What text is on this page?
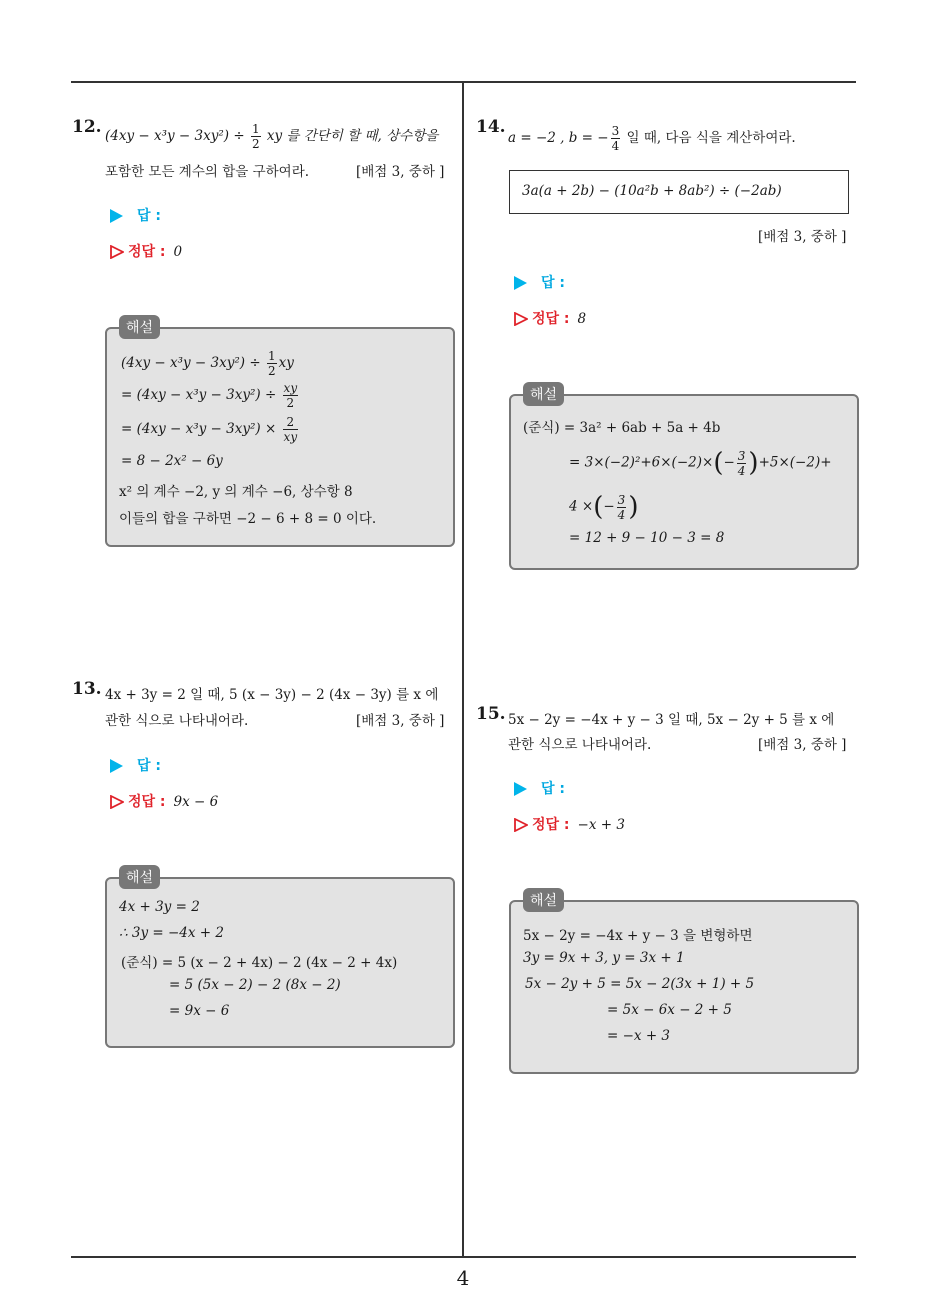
4
12. $(4xy - x^3y - 3xy^2) \div \frac{1}{2}$ xy 를 간단히 할 때, 상수항을
포함한 모든 계수의 합을 구하여라.	[배점 3, 중하 ]
답 :
정답 : 0
해설
$(4xy - x^3y - 3xy^2) \div \frac{1}{2}$ xy
= $(4xy - x^3y - 3xy^2) \div \frac{xy}{2}$
= $(4xy - x^3y - 3xy^2) \times \frac{2}{xy}$
= 8 − 2x² − 6y
x² 의 계수 −2, y 의 계수 −6, 상수항 8
이들의 합을 구하면 −2 − 6 + 8 = 0 이다.
13. 4x + 3y = 2 일 때, 5 (x − 3y) − 2 (4x − 3y) 를 x 에
관한 식으로 나타내어라.	[배점 3, 중하 ]
답 :
정답 : 9x − 6
해설
4x + 3y = 2
∴ 3y = −4x + 2
(준식) = 5 (x − 2 + 4x) − 2 (4x − 2 + 4x)
= 5 (5x − 2) − 2 (8x − 2)
= 9x − 6
14.
a = −2 , b = − $\frac{3}{4}$ 일 때, 다음 식을 계산하여라.
3a(a + 2b) − (10a²b + 8ab²) ÷ (−2ab)
[배점 3, 중하 ]
답 :
정답 : 8
해설
(준식) = 3a² + 6ab + 5a + 4b
= $3\times(-2)^2+6\times(-2)\times(- \frac{3}{4} )+5\times(-2)+$
4 ×(− $\frac{3}{4}$ )
= 12 + 9 − 10 − 3 = 8
15. 5x − 2y = −4x + y − 3 일 때, 5x − 2y + 5 를 x 에
관한 식으로 나타내어라.	[배점 3, 중하 ]
답 :
정답 : −x + 3
해설
5x − 2y = −4x + y − 3 을 변형하면
3y = 9x + 3, y = 3x + 1
5x − 2y + 5 = 5x − 2(3x + 1) + 5
= 5x − 6x − 2 + 5
= −x + 3
